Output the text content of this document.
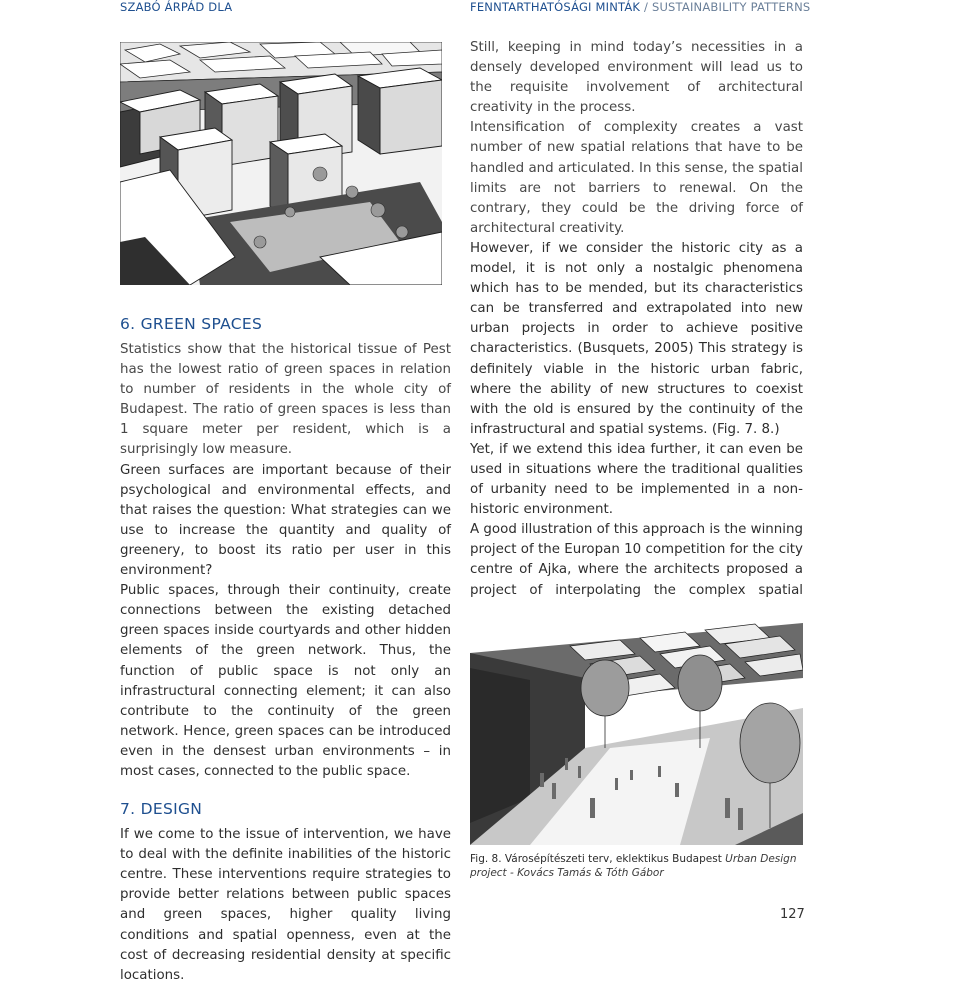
SZABÓ ÁRPÁD DLA	FENNTARTHATÓSÁGI MINTÁK / SUSTAINABILITY PATTERNS
6. GREEN SPACES

Statistics show that the historical tissue of Pest has the lowest ratio of green spaces in relation to number of residents in the whole city of Budapest. The ratio of green spaces is less than 1 square meter per resident, which is a surprisingly low measure.

Green surfaces are important because of their psychological and environmental effects, and that raises the question: What strategies can we use to increase the quantity and quality of greenery, to boost its ratio per user in this environment?

Public spaces, through their continuity, create connections between the existing detached green spaces inside courtyards and other hidden elements of the green network. Thus, the function of public space is not only an infrastructural connecting element; it can also contribute to the continuity of the green network. Hence, green spaces can be introduced even in the densest urban environments – in most cases, connected to the public space.

7. DESIGN

If we come to the issue of intervention, we have to deal with the definite inabilities of the historic centre. These interventions require strategies to provide better relations between public spaces and green spaces, higher quality living conditions and spatial openness, even at the cost of decreasing residential density at specific locations.

Still, keeping in mind today’s necessities in a densely developed environment will lead us to the requisite involvement of architectural creativity in the process.

Intensification of complexity creates a vast number of new spatial relations that have to be handled and articulated. In this sense, the spatial limits are not barriers to renewal. On the contrary, they could be the driving force of architectural creativity.

However, if we consider the historic city as a model, it is not only a nostalgic phenomena which has to be mended, but its characteristics can be transferred and extrapolated into new urban projects in order to achieve positive characteristics. (Busquets, 2005) This strategy is definitely viable in the historic urban fabric, where the ability of new structures to coexist with the old is ensured by the continuity of the infrastructural and spatial systems. (Fig. 7. 8.)

Yet, if we extend this idea further, it can even be used in situations where the traditional qualities of urbanity need to be implemented in a non-historic environment.

A good illustration of this approach is the winning project of the Europan 10 competition for the city centre of Ajka, where the architects proposed a project of interpolating the complex spatial

Fig. 8. Városépítészeti terv, eklektikus Budapest Urban Design project - Kovács Tamás & Tóth Gábor
127
